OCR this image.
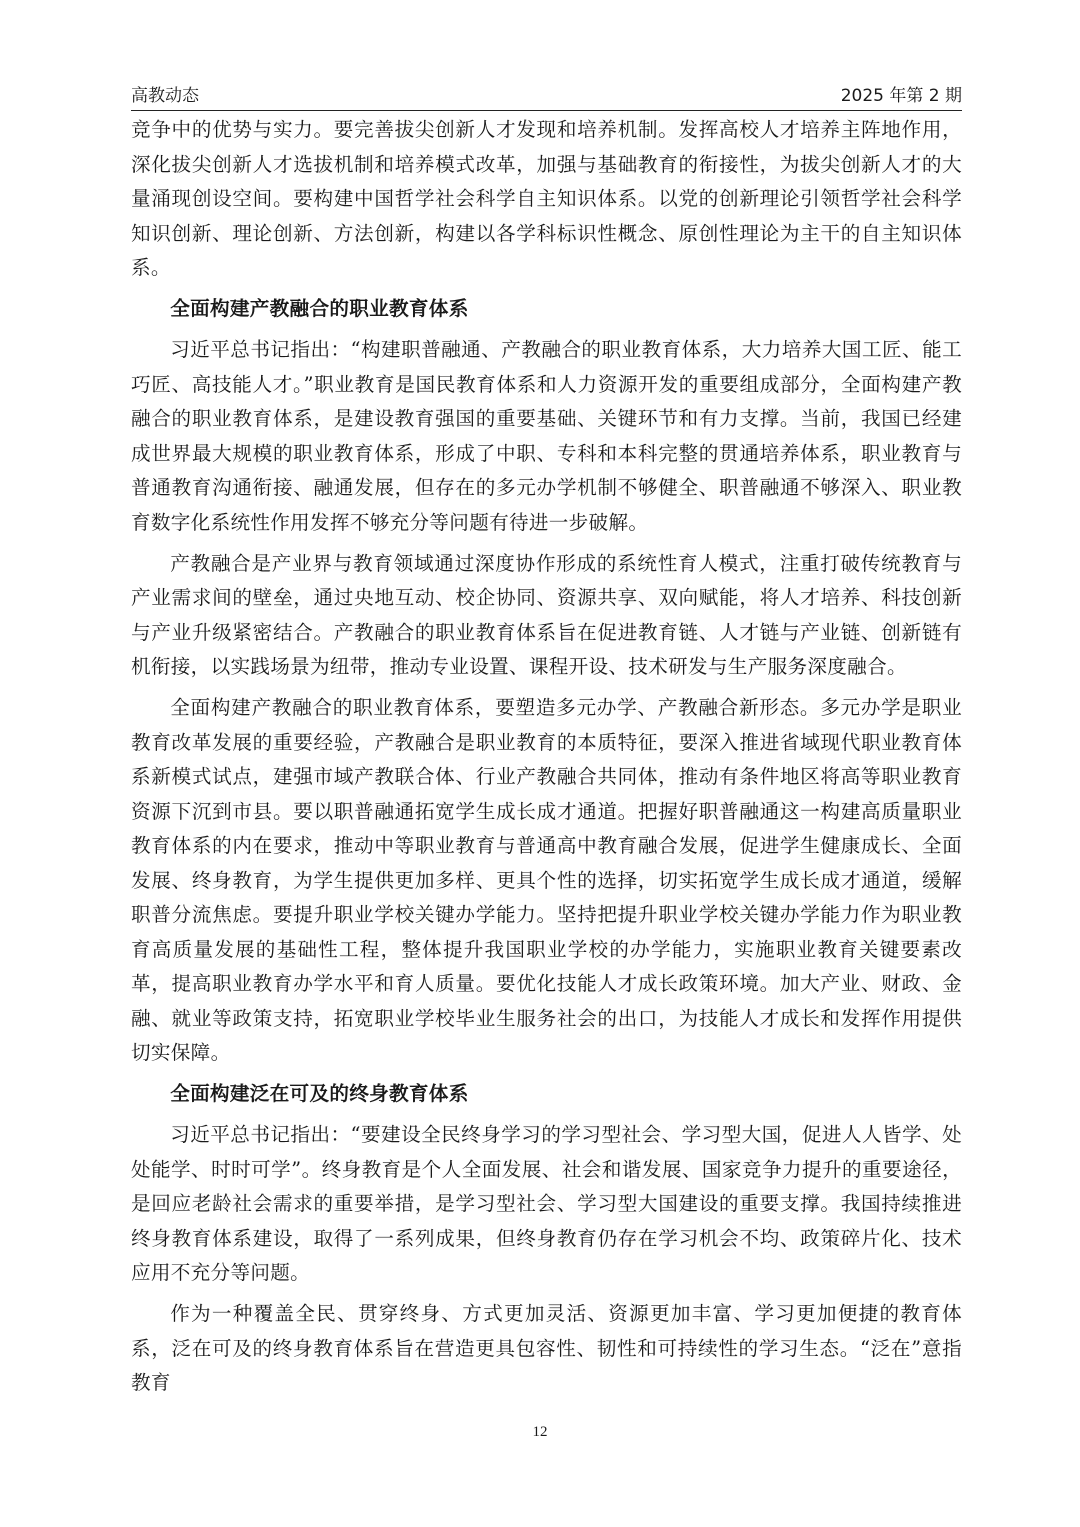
高教动态	2025 年第 2 期

竞争中的优势与实力。要完善拔尖创新人才发现和培养机制。发挥高校人才培养主阵地作用，深化拔尖创新人才选拔机制和培养模式改革，加强与基础教育的衔接性，为拔尖创新人才的大量涌现创设空间。要构建中国哲学社会科学自主知识体系。以党的创新理论引领哲学社会科学知识创新、理论创新、方法创新，构建以各学科标识性概念、原创性理论为主干的自主知识体系。

全面构建产教融合的职业教育体系

习近平总书记指出：“构建职普融通、产教融合的职业教育体系，大力培养大国工匠、能工巧匠、高技能人才。”职业教育是国民教育体系和人力资源开发的重要组成部分，全面构建产教融合的职业教育体系，是建设教育强国的重要基础、关键环节和有力支撑。当前，我国已经建成世界最大规模的职业教育体系，形成了中职、专科和本科完整的贯通培养体系，职业教育与普通教育沟通衔接、融通发展，但存在的多元办学机制不够健全、职普融通不够深入、职业教育数字化系统性作用发挥不够充分等问题有待进一步破解。

产教融合是产业界与教育领域通过深度协作形成的系统性育人模式，注重打破传统教育与产业需求间的壁垒，通过央地互动、校企协同、资源共享、双向赋能，将人才培养、科技创新与产业升级紧密结合。产教融合的职业教育体系旨在促进教育链、人才链与产业链、创新链有机衔接，以实践场景为纽带，推动专业设置、课程开设、技术研发与生产服务深度融合。

全面构建产教融合的职业教育体系，要塑造多元办学、产教融合新形态。多元办学是职业教育改革发展的重要经验，产教融合是职业教育的本质特征，要深入推进省域现代职业教育体系新模式试点，建强市域产教联合体、行业产教融合共同体，推动有条件地区将高等职业教育资源下沉到市县。要以职普融通拓宽学生成长成才通道。把握好职普融通这一构建高质量职业教育体系的内在要求，推动中等职业教育与普通高中教育融合发展，促进学生健康成长、全面发展、终身教育，为学生提供更加多样、更具个性的选择，切实拓宽学生成长成才通道，缓解职普分流焦虑。要提升职业学校关键办学能力。坚持把提升职业学校关键办学能力作为职业教育高质量发展的基础性工程，整体提升我国职业学校的办学能力，实施职业教育关键要素改革，提高职业教育办学水平和育人质量。要优化技能人才成长政策环境。加大产业、财政、金融、就业等政策支持，拓宽职业学校毕业生服务社会的出口，为技能人才成长和发挥作用提供切实保障。

全面构建泛在可及的终身教育体系

习近平总书记指出：“要建设全民终身学习的学习型社会、学习型大国，促进人人皆学、处处能学、时时可学”。终身教育是个人全面发展、社会和谐发展、国家竞争力提升的重要途径，是回应老龄社会需求的重要举措，是学习型社会、学习型大国建设的重要支撑。我国持续推进终身教育体系建设，取得了一系列成果，但终身教育仍存在学习机会不均、政策碎片化、技术应用不充分等问题。

作为一种覆盖全民、贯穿终身、方式更加灵活、资源更加丰富、学习更加便捷的教育体系，泛在可及的终身教育体系旨在营造更具包容性、韧性和可持续性的学习生态。“泛在”意指教育

12
